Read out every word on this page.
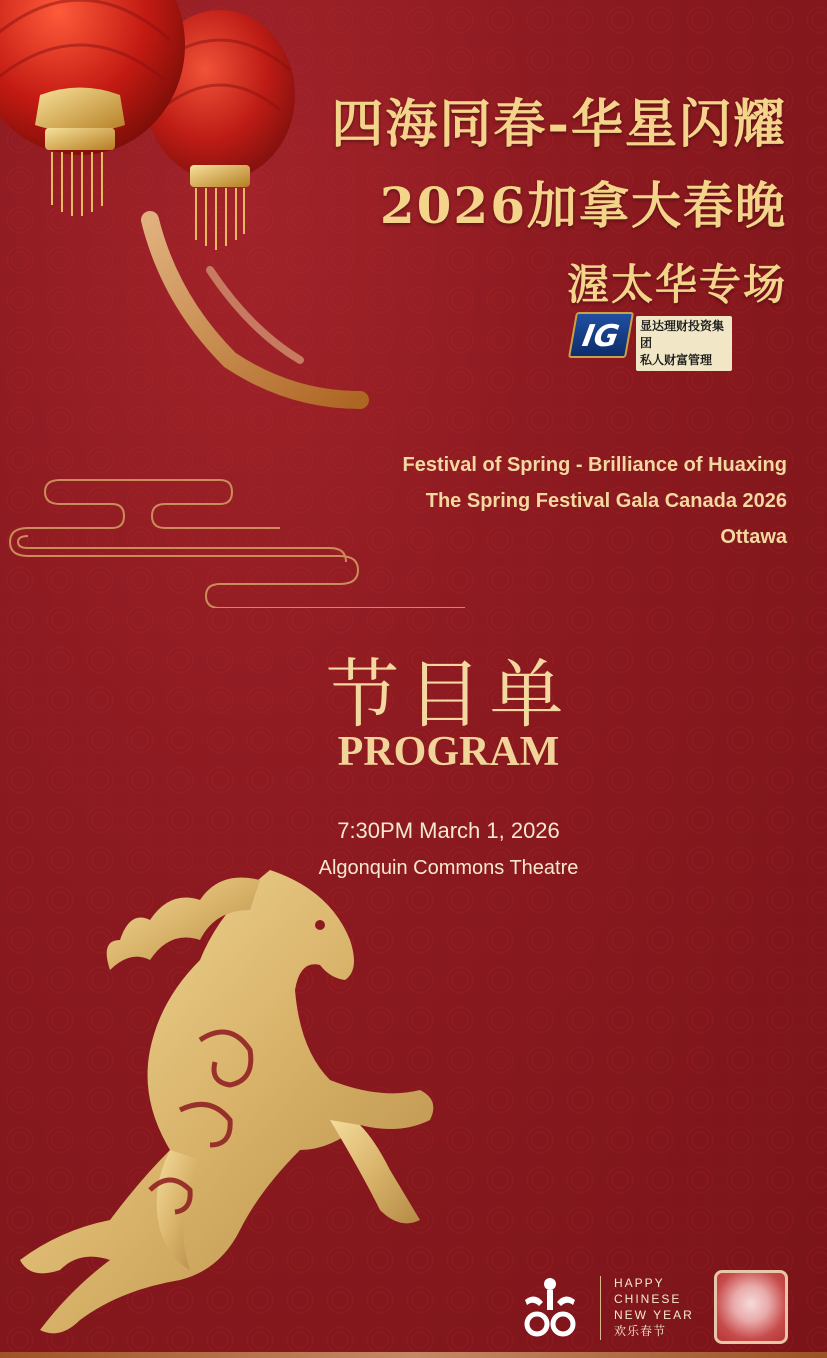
四海同春-华星闪耀
2026加拿大春晚
渥太华专场
IG	显达理财投资集团
私人财富管理
Festival of Spring - Brilliance of Huaxing
The Spring Festival Gala Canada 2026
Ottawa
节目单
PROGRAM
7:30PM March 1, 2026
Algonquin Commons Theatre
HAPPY
CHINESE
NEW YEAR
欢乐春节
